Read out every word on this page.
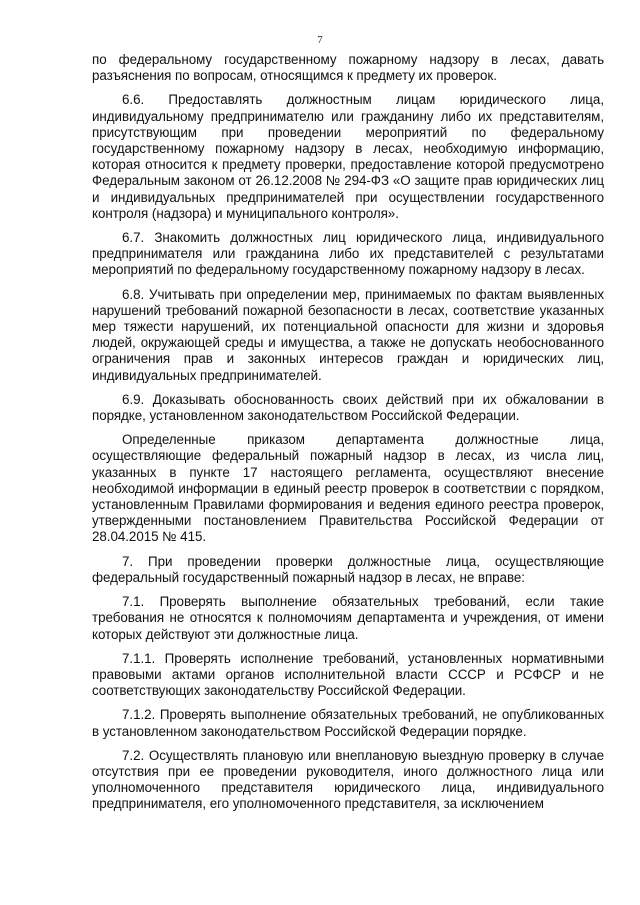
7

по федеральному государственному пожарному надзору в лесах, давать разъяснения по вопросам, относящимся к предмету их проверок.

6.6. Предоставлять должностным лицам юридического лица, индивидуальному предпринимателю или гражданину либо их представителям, присутствующим при проведении мероприятий по федеральному государственному пожарному надзору в лесах, необходимую информацию, которая относится к предмету проверки, предоставление которой предусмотрено Федеральным законом от 26.12.2008 № 294-ФЗ «О защите прав юридических лиц и индивидуальных предпринимателей при осуществлении государственного контроля (надзора) и муниципального контроля».

6.7. Знакомить должностных лиц юридического лица, индивидуального предпринимателя или гражданина либо их представителей с результатами мероприятий по федеральному государственному пожарному надзору в лесах.

6.8. Учитывать при определении мер, принимаемых по фактам выявленных нарушений требований пожарной безопасности в лесах, соответствие указанных мер тяжести нарушений, их потенциальной опасности для жизни и здоровья людей, окружающей среды и имущества, а также не допускать необоснованного ограничения прав и законных интересов граждан и юридических лиц, индивидуальных предпринимателей.

6.9. Доказывать обоснованность своих действий при их обжаловании в порядке, установленном законодательством Российской Федерации.

Определенные приказом департамента должностные лица, осуществляющие федеральный пожарный надзор в лесах, из числа лиц, указанных в пункте 17 настоящего регламента, осуществляют внесение необходимой информации в единый реестр проверок в соответствии с порядком, установленным Правилами формирования и ведения единого реестра проверок, утвержденными постановлением Правительства Российской Федерации от 28.04.2015 № 415.

7. При проведении проверки должностные лица, осуществляющие федеральный государственный пожарный надзор в лесах, не вправе:

7.1. Проверять выполнение обязательных требований, если такие требования не относятся к полномочиям департамента и учреждения, от имени которых действуют эти должностные лица.

7.1.1. Проверять исполнение требований, установленных нормативными правовыми актами органов исполнительной власти СССР и РСФСР и не соответствующих законодательству Российской Федерации.

7.1.2. Проверять выполнение обязательных требований, не опубликованных в установленном законодательством Российской Федерации порядке.

7.2. Осуществлять плановую или внеплановую выездную проверку в случае отсутствия при ее проведении руководителя, иного должностного лица или уполномоченного представителя юридического лица, индивидуального предпринимателя, его уполномоченного представителя, за исключением
